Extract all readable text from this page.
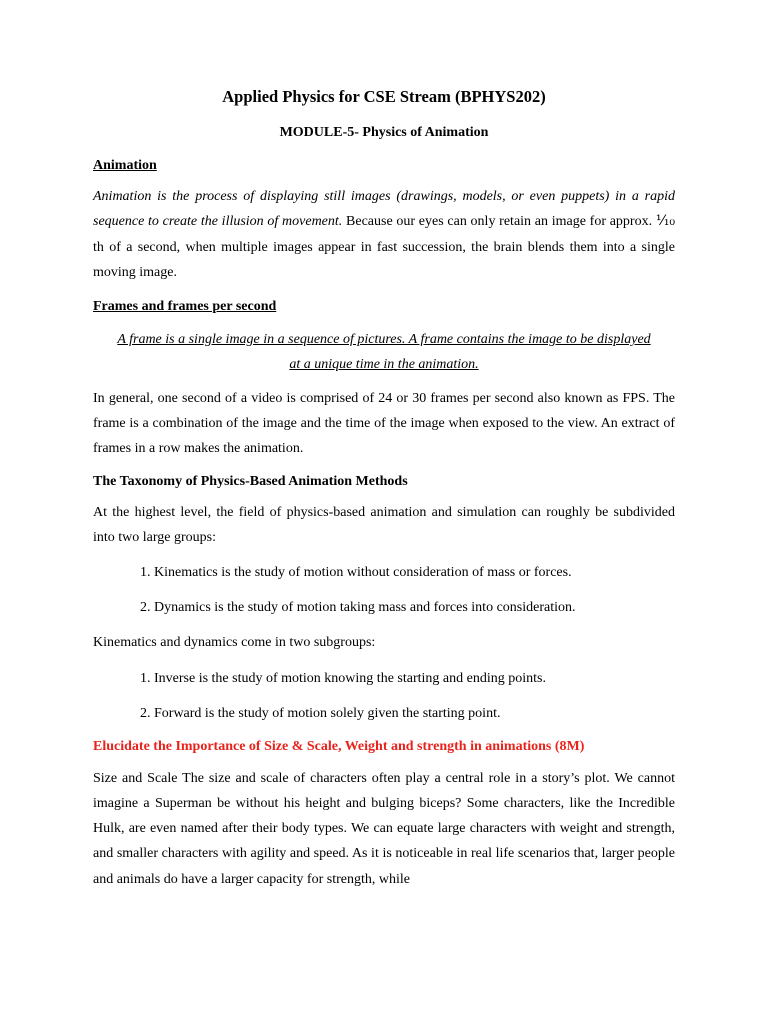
Applied Physics for CSE Stream (BPHYS202)
MODULE-5- Physics of Animation
Animation

Animation is the process of displaying still images (drawings, models, or even puppets) in a rapid sequence to create the illusion of movement. Because our eyes can only retain an image for approx. ⅒ th of a second, when multiple images appear in fast succession, the brain blends them into a single moving image.

Frames and frames per second
A frame is a single image in a sequence of pictures. A frame contains the image to be displayed at a unique time in the animation.

In general, one second of a video is comprised of 24 or 30 frames per second also known as FPS. The frame is a combination of the image and the time of the image when exposed to the view. An extract of frames in a row makes the animation.

The Taxonomy of Physics-Based Animation Methods

At the highest level, the field of physics-based animation and simulation can roughly be subdivided into two large groups:

1. Kinematics is the study of motion without consideration of mass or forces.
2. Dynamics is the study of motion taking mass and forces into consideration.

Kinematics and dynamics come in two subgroups:

1. Inverse is the study of motion knowing the starting and ending points.
2. Forward is the study of motion solely given the starting point.
Elucidate the Importance of Size & Scale, Weight and strength in animations (8M)

Size and Scale The size and scale of characters often play a central role in a story’s plot. We cannot imagine a Superman be without his height and bulging biceps? Some characters, like the Incredible Hulk, are even named after their body types. We can equate large characters with weight and strength, and smaller characters with agility and speed. As it is noticeable in real life scenarios that, larger people and animals do have a larger capacity for strength, while
